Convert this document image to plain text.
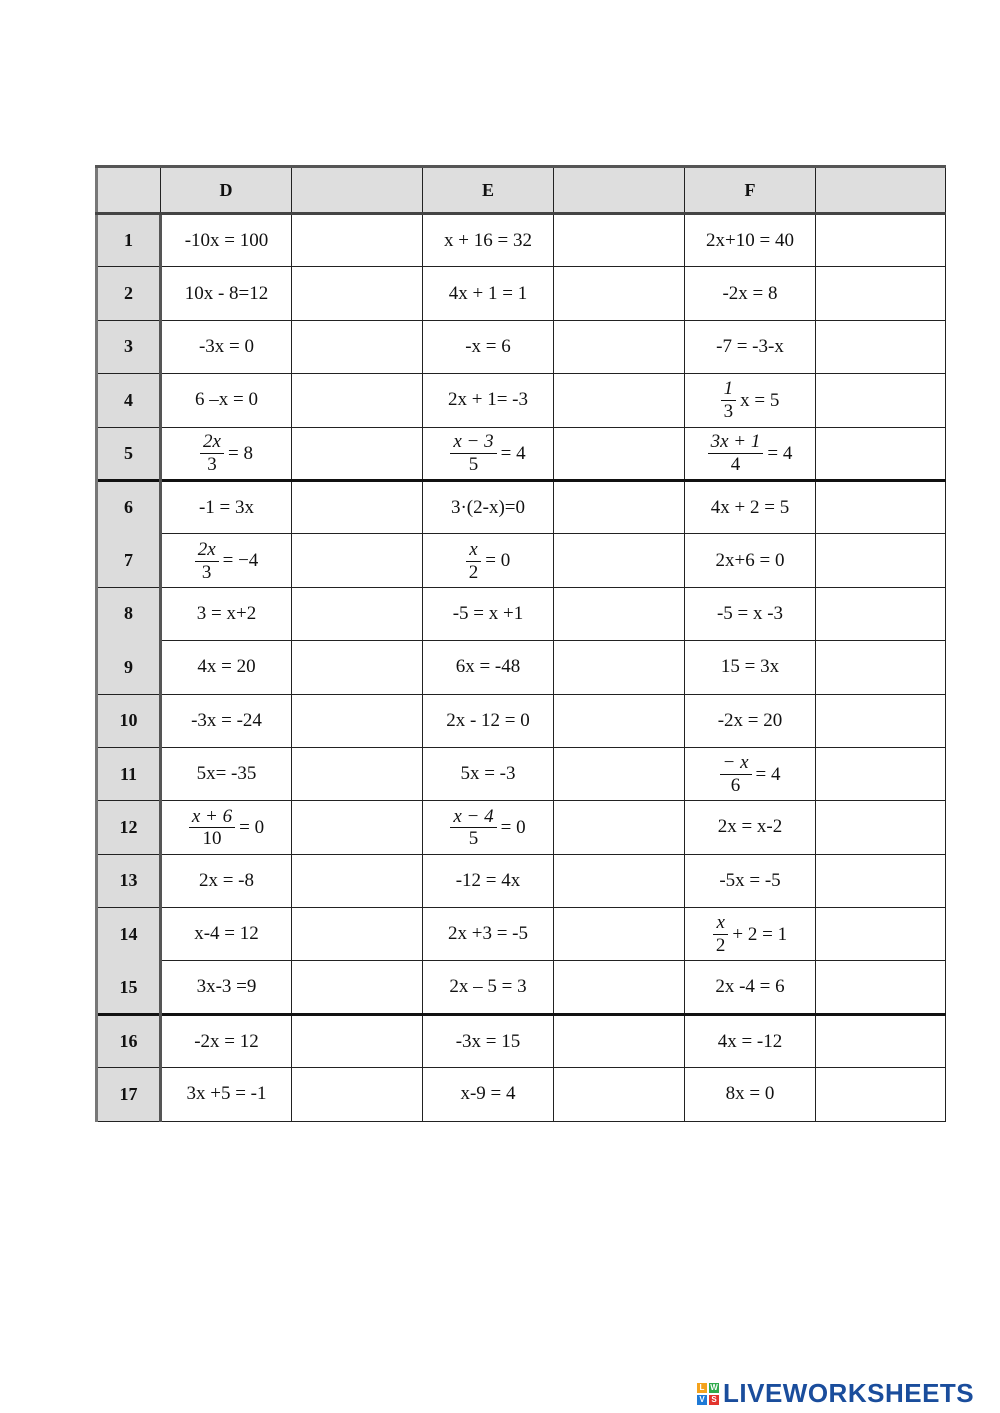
	D		E		F	
1	-10x = 100		x + 16 = 32		2x+10 = 40	
2	10x - 8=12		4x + 1 = 1		-2x = 8	
3	-3x = 0		-x = 6		-7 = -3-x	
4	6 –x = 0		2x + 1= -3		$\frac{1}{3}$ x = 5	

5	$\frac{2x}{3} = 8$		$\frac{x - 3}{5} = 4$		$\frac{3x + 1}{4} = 4$	

6	-1 = 3x		3·(2-x)=0		4x + 2 = 5	
7	$\frac{2x}{3} = -4$		$\frac{x}{2} = 0$		2x+6 = 0	
8	3 = x+2		-5 = x +1		-5 = x -3	
9	4x = 20		6x = -48		15 = 3x	
10	-3x = -24		2x - 12 = 0		-2x = 20	
11	5x= -35		5x = -3		$\frac{- x}{6} = 4$	

12	$\frac{x + 6}{10} = 0$		$\frac{x - 4}{5} = 0$		2x = x-2	
13	2x = -8		-12 = 4x		-5x = -5	
14	x-4 = 12		2x +3 = -5		$\frac{x}{2} + 2 = 1$	

15	3x-3 =9		2x – 5 = 3		2x -4 = 6	
16	-2x = 12		-3x = 15		4x = -12	
17	3x +5 = -1		x-9 = 4		8x = 0	
L W
V S LIVEWORKSHEETS
